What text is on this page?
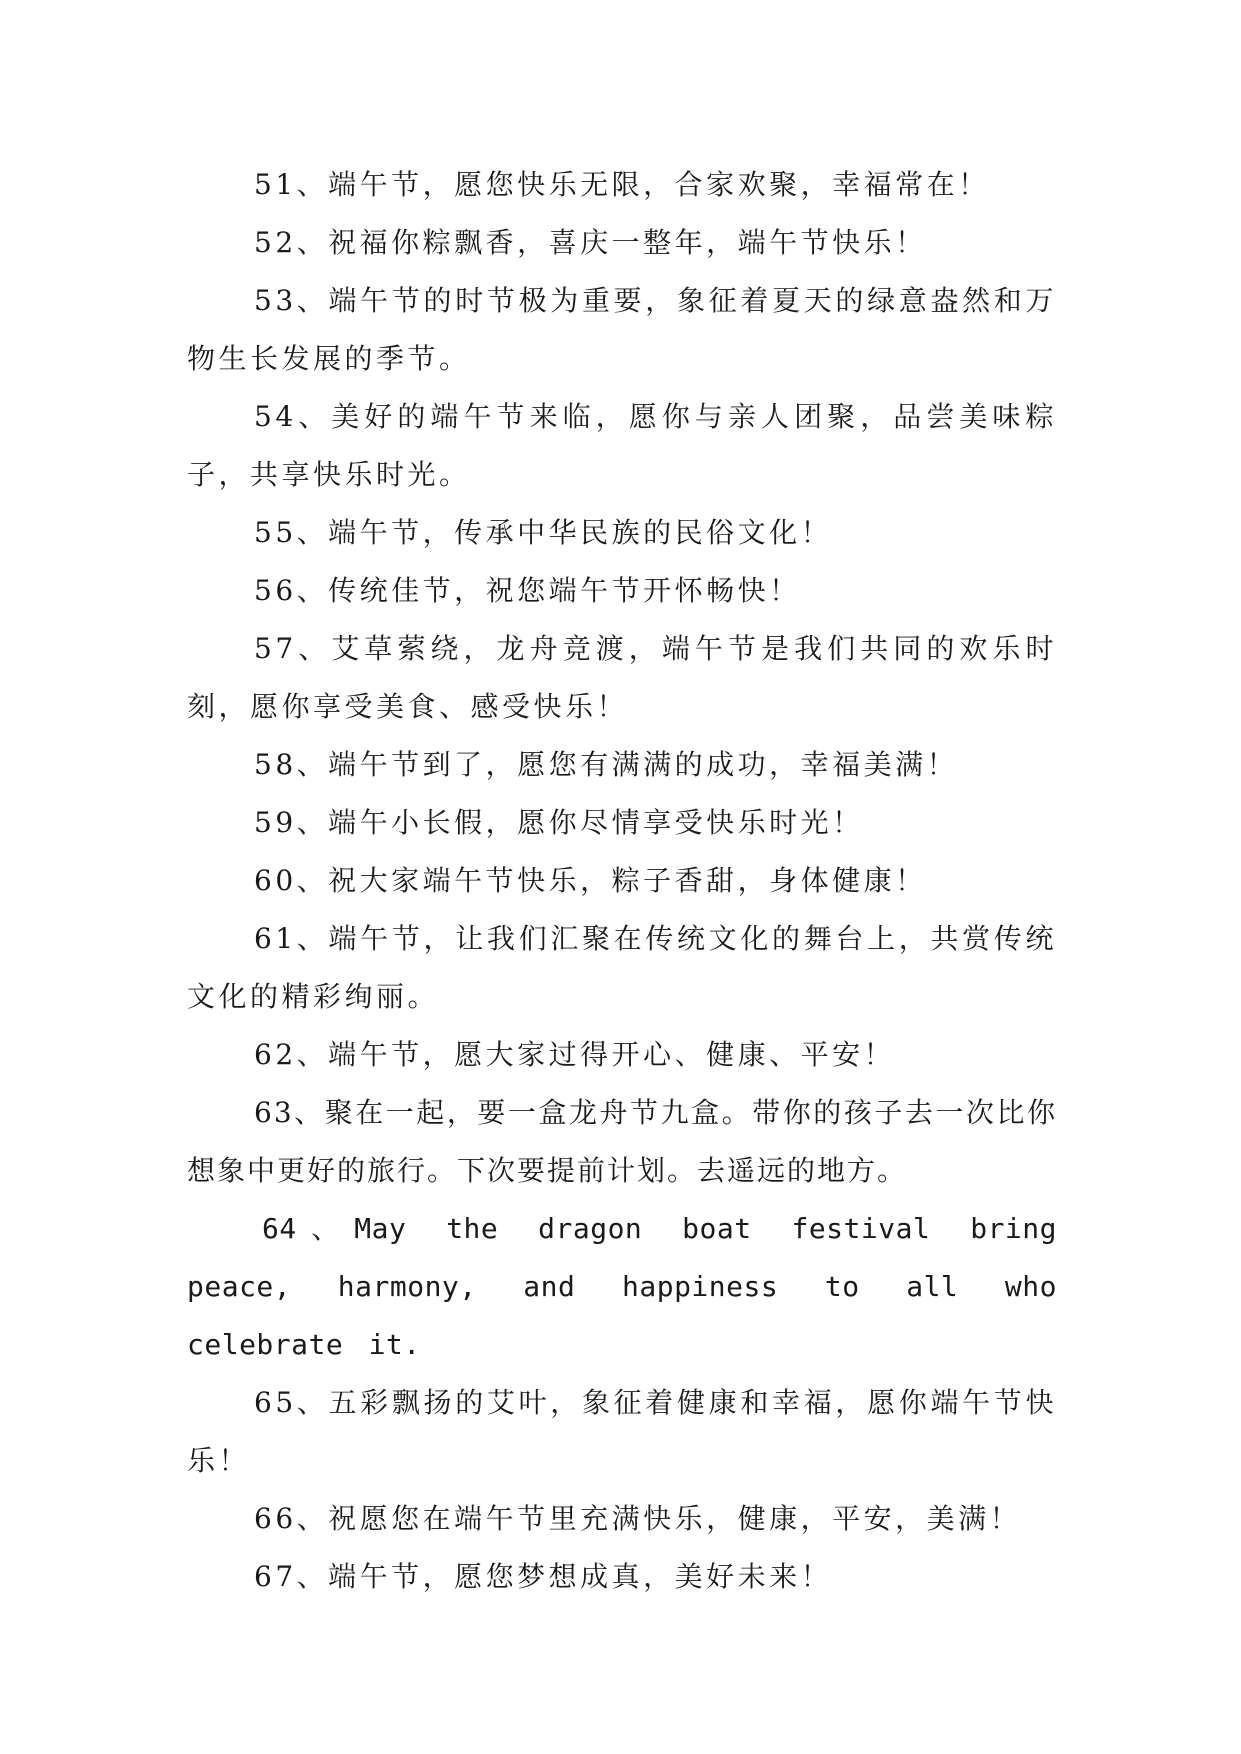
51、端午节，愿您快乐无限，合家欢聚，幸福常在！

52、祝福你粽飘香，喜庆一整年，端午节快乐！

53、端午节的时节极为重要，象征着夏天的绿意盎然和万物生长发展的季节。

54、美好的端午节来临，愿你与亲人团聚，品尝美味粽子，共享快乐时光。

55、端午节，传承中华民族的民俗文化！

56、传统佳节，祝您端午节开怀畅快！

57、艾草萦绕，龙舟竞渡，端午节是我们共同的欢乐时刻，愿你享受美食、感受快乐！

58、端午节到了，愿您有满满的成功，幸福美满！

59、端午小长假，愿你尽情享受快乐时光！

60、祝大家端午节快乐，粽子香甜，身体健康！

61、端午节，让我们汇聚在传统文化的舞台上，共赏传统文化的精彩绚丽。

62、端午节，愿大家过得开心、健康、平安！

63、聚在一起，要一盒龙舟节九盒。带你的孩子去一次比你想象中更好的旅行。下次要提前计划。去遥远的地方。

64、May the dragon boat festival bring peace, harmony, and happiness to all who celebrate it.

65、五彩飘扬的艾叶，象征着健康和幸福，愿你端午节快乐！

66、祝愿您在端午节里充满快乐，健康，平安，美满！

67、端午节，愿您梦想成真，美好未来！
